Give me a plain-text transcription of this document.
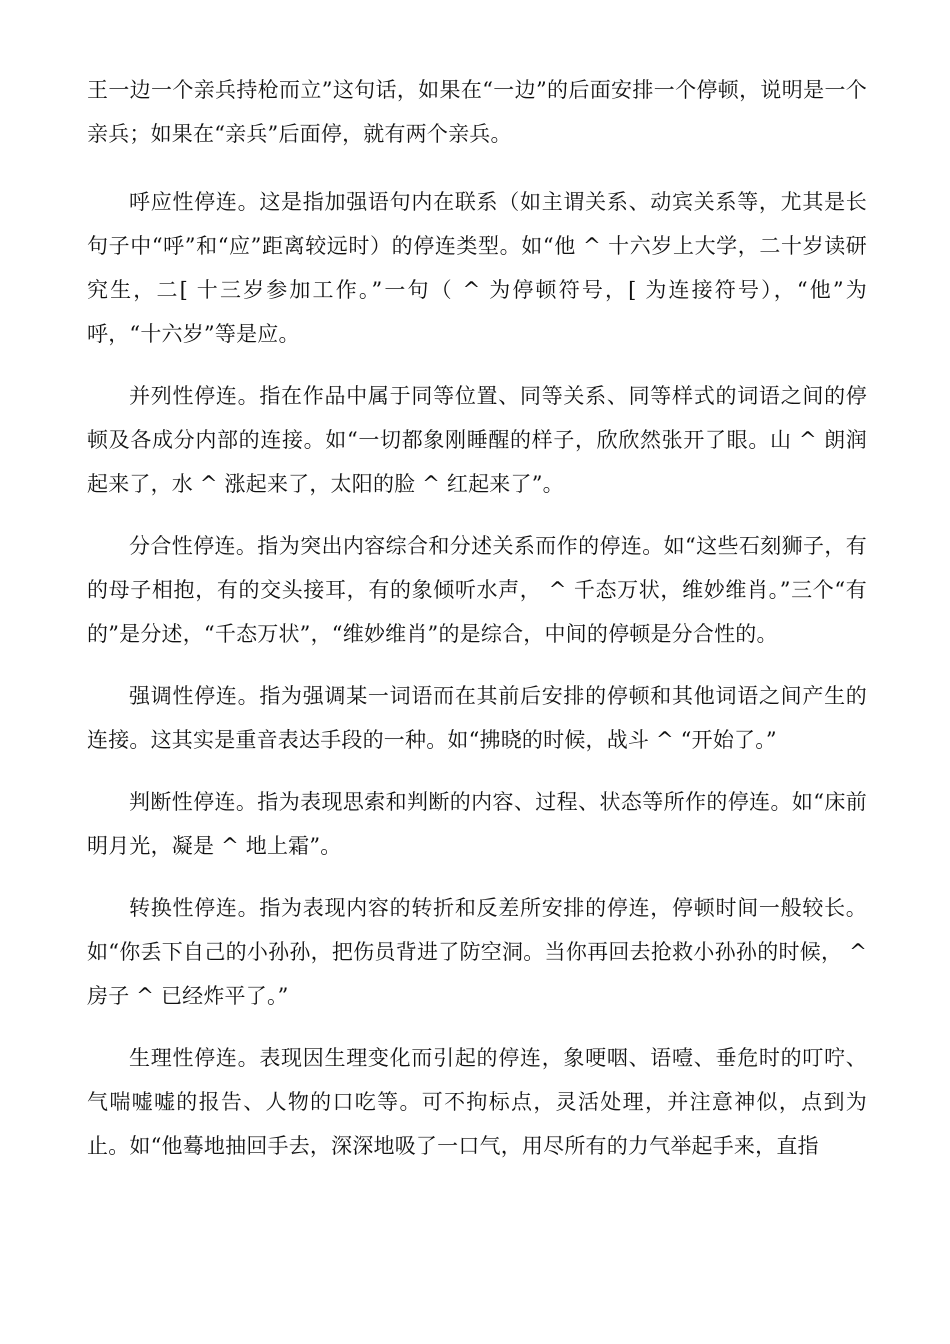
王一边一个亲兵持枪而立”这句话，如果在“一边”的后面安排一个停顿，说明是一个亲兵；如果在“亲兵”后面停，就有两个亲兵。

呼应性停连。这是指加强语句内在联系（如主谓关系、动宾关系等，尤其是长句子中“呼”和“应”距离较远时）的停连类型。如“他 ^ 十六岁上大学，二十岁读研究生，二[ 十三岁参加工作。”一句（ ^ 为停顿符号，[ 为连接符号），“他”为呼，“十六岁”等是应。

并列性停连。指在作品中属于同等位置、同等关系、同等样式的词语之间的停顿及各成分内部的连接。如“一切都象刚睡醒的样子，欣欣然张开了眼。山 ^ 朗润起来了，水 ^ 涨起来了，太阳的脸 ^ 红起来了”。

分合性停连。指为突出内容综合和分述关系而作的停连。如“这些石刻狮子，有的母子相抱，有的交头接耳，有的象倾听水声， ^ 千态万状，维妙维肖。”三个“有的”是分述，“千态万状”，“维妙维肖”的是综合，中间的停顿是分合性的。

强调性停连。指为强调某一词语而在其前后安排的停顿和其他词语之间产生的连接。这其实是重音表达手段的一种。如“拂晓的时候，战斗 ^ “开始了。”

判断性停连。指为表现思索和判断的内容、过程、状态等所作的停连。如“床前明月光，凝是 ^ 地上霜”。

转换性停连。指为表现内容的转折和反差所安排的停连，停顿时间一般较长。如“你丢下自己的小孙孙，把伤员背进了防空洞。当你再回去抢救小孙孙的时候， ^ 房子 ^ 已经炸平了。”

生理性停连。表现因生理变化而引起的停连，象哽咽、语噎、垂危时的叮咛、气喘嘘嘘的报告、人物的口吃等。可不拘标点，灵活处理，并注意神似，点到为止。如“他蓦地抽回手去，深深地吸了一口气，用尽所有的力气举起手来，直指
